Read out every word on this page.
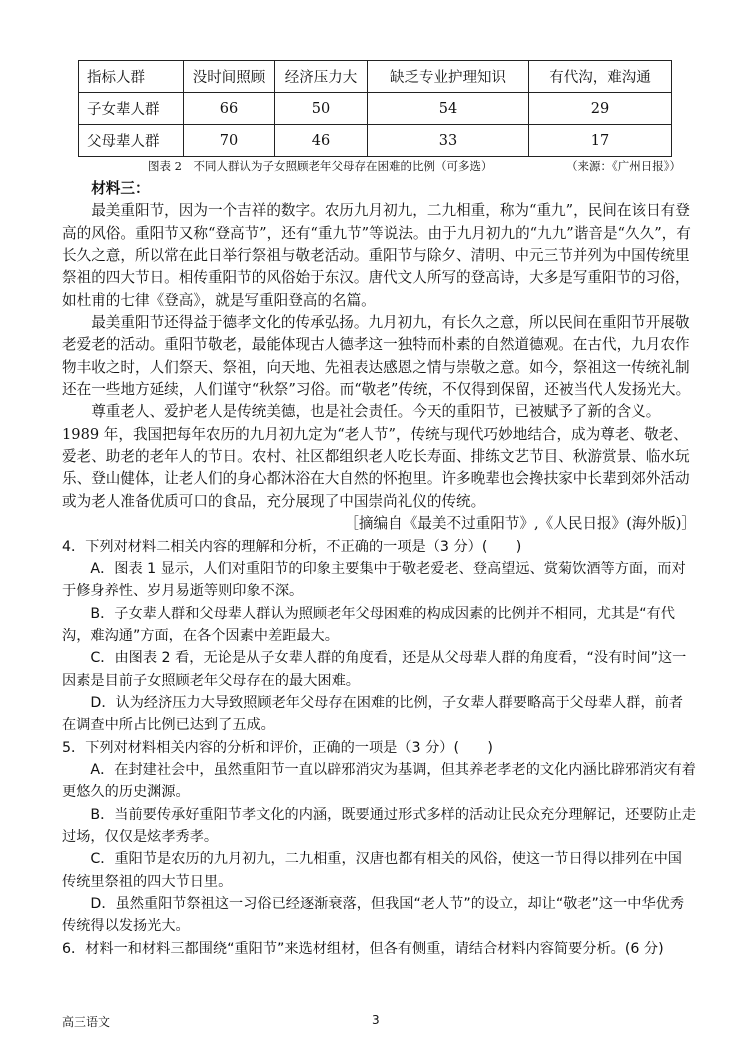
指标人群	没时间照顾	经济压力大	缺乏专业护理知识	有代沟，难沟通
子女辈人群	66	50	54	29
父母辈人群	70	46	33	17
图表 2　不同人群认为子女照顾老年父母存在困难的比例（可多选）	（来源：《广州日报》）

材料三：

最美重阳节，因为一个吉祥的数字。农历九月初九，二九相重，称为“重九”，民间在该日有登高的风俗。重阳节又称“登高节”，还有“重九节”等说法。由于九月初九的“九九”谐音是“久久”，有长久之意，所以常在此日举行祭祖与敬老活动。重阳节与除夕、清明、中元三节并列为中国传统里祭祖的四大节日。相传重阳节的风俗始于东汉。唐代文人所写的登高诗，大多是写重阳节的习俗，如杜甫的七律《登高》，就是写重阳登高的名篇。

最美重阳节还得益于德孝文化的传承弘扬。九月初九，有长久之意，所以民间在重阳节开展敬老爱老的活动。重阳节敬老，最能体现古人德孝这一独特而朴素的自然道德观。在古代，九月农作物丰收之时，人们祭天、祭祖，向天地、先祖表达感恩之情与崇敬之意。如今，祭祖这一传统礼制还在一些地方延续，人们谨守“秋祭”习俗。而“敬老”传统，不仅得到保留，还被当代人发扬光大。

尊重老人、爱护老人是传统美德，也是社会责任。今天的重阳节，已被赋予了新的含义。1989 年，我国把每年农历的九月初九定为“老人节”，传统与现代巧妙地结合，成为尊老、敬老、爱老、助老的老年人的节日。农村、社区都组织老人吃长寿面、排练文艺节目、秋游赏景、临水玩乐、登山健体，让老人们的身心都沐浴在大自然的怀抱里。许多晚辈也会搀扶家中长辈到郊外活动或为老人准备优质可口的食品，充分展现了中国崇尚礼仪的传统。

［摘编自《最美不过重阳节》,《人民日报》(海外版)］

4．下列对材料二相关内容的理解和分析，不正确的一项是（3 分）(　　)

A．图表 1 显示，人们对重阳节的印象主要集中于敬老爱老、登高望远、赏菊饮酒等方面，而对于修身养性、岁月易逝等则印象不深。

B．子女辈人群和父母辈人群认为照顾老年父母困难的构成因素的比例并不相同，尤其是“有代沟，难沟通”方面，在各个因素中差距最大。

C．由图表 2 看，无论是从子女辈人群的角度看，还是从父母辈人群的角度看，“没有时间”这一因素是目前子女照顾老年父母存在的最大困难。

D．认为经济压力大导致照顾老年父母存在困难的比例，子女辈人群要略高于父母辈人群，前者在调查中所占比例已达到了五成。

5．下列对材料相关内容的分析和评价，正确的一项是（3 分）(　　)

A．在封建社会中，虽然重阳节一直以辟邪消灾为基调，但其养老孝老的文化内涵比辟邪消灾有着更悠久的历史渊源。

B．当前要传承好重阳节孝文化的内涵，既要通过形式多样的活动让民众充分理解记，还要防止走过场，仅仅是炫孝秀孝。

C．重阳节是农历的九月初九，二九相重，汉唐也都有相关的风俗，使这一节日得以排列在中国传统里祭祖的四大节日里。

D．虽然重阳节祭祖这一习俗已经逐渐衰落，但我国“老人节”的设立，却让“敬老”这一中华优秀传统得以发扬光大。

6．材料一和材料三都围绕“重阳节”来选材组材，但各有侧重，请结合材料内容简要分析。(6 分)

高三语文	3
